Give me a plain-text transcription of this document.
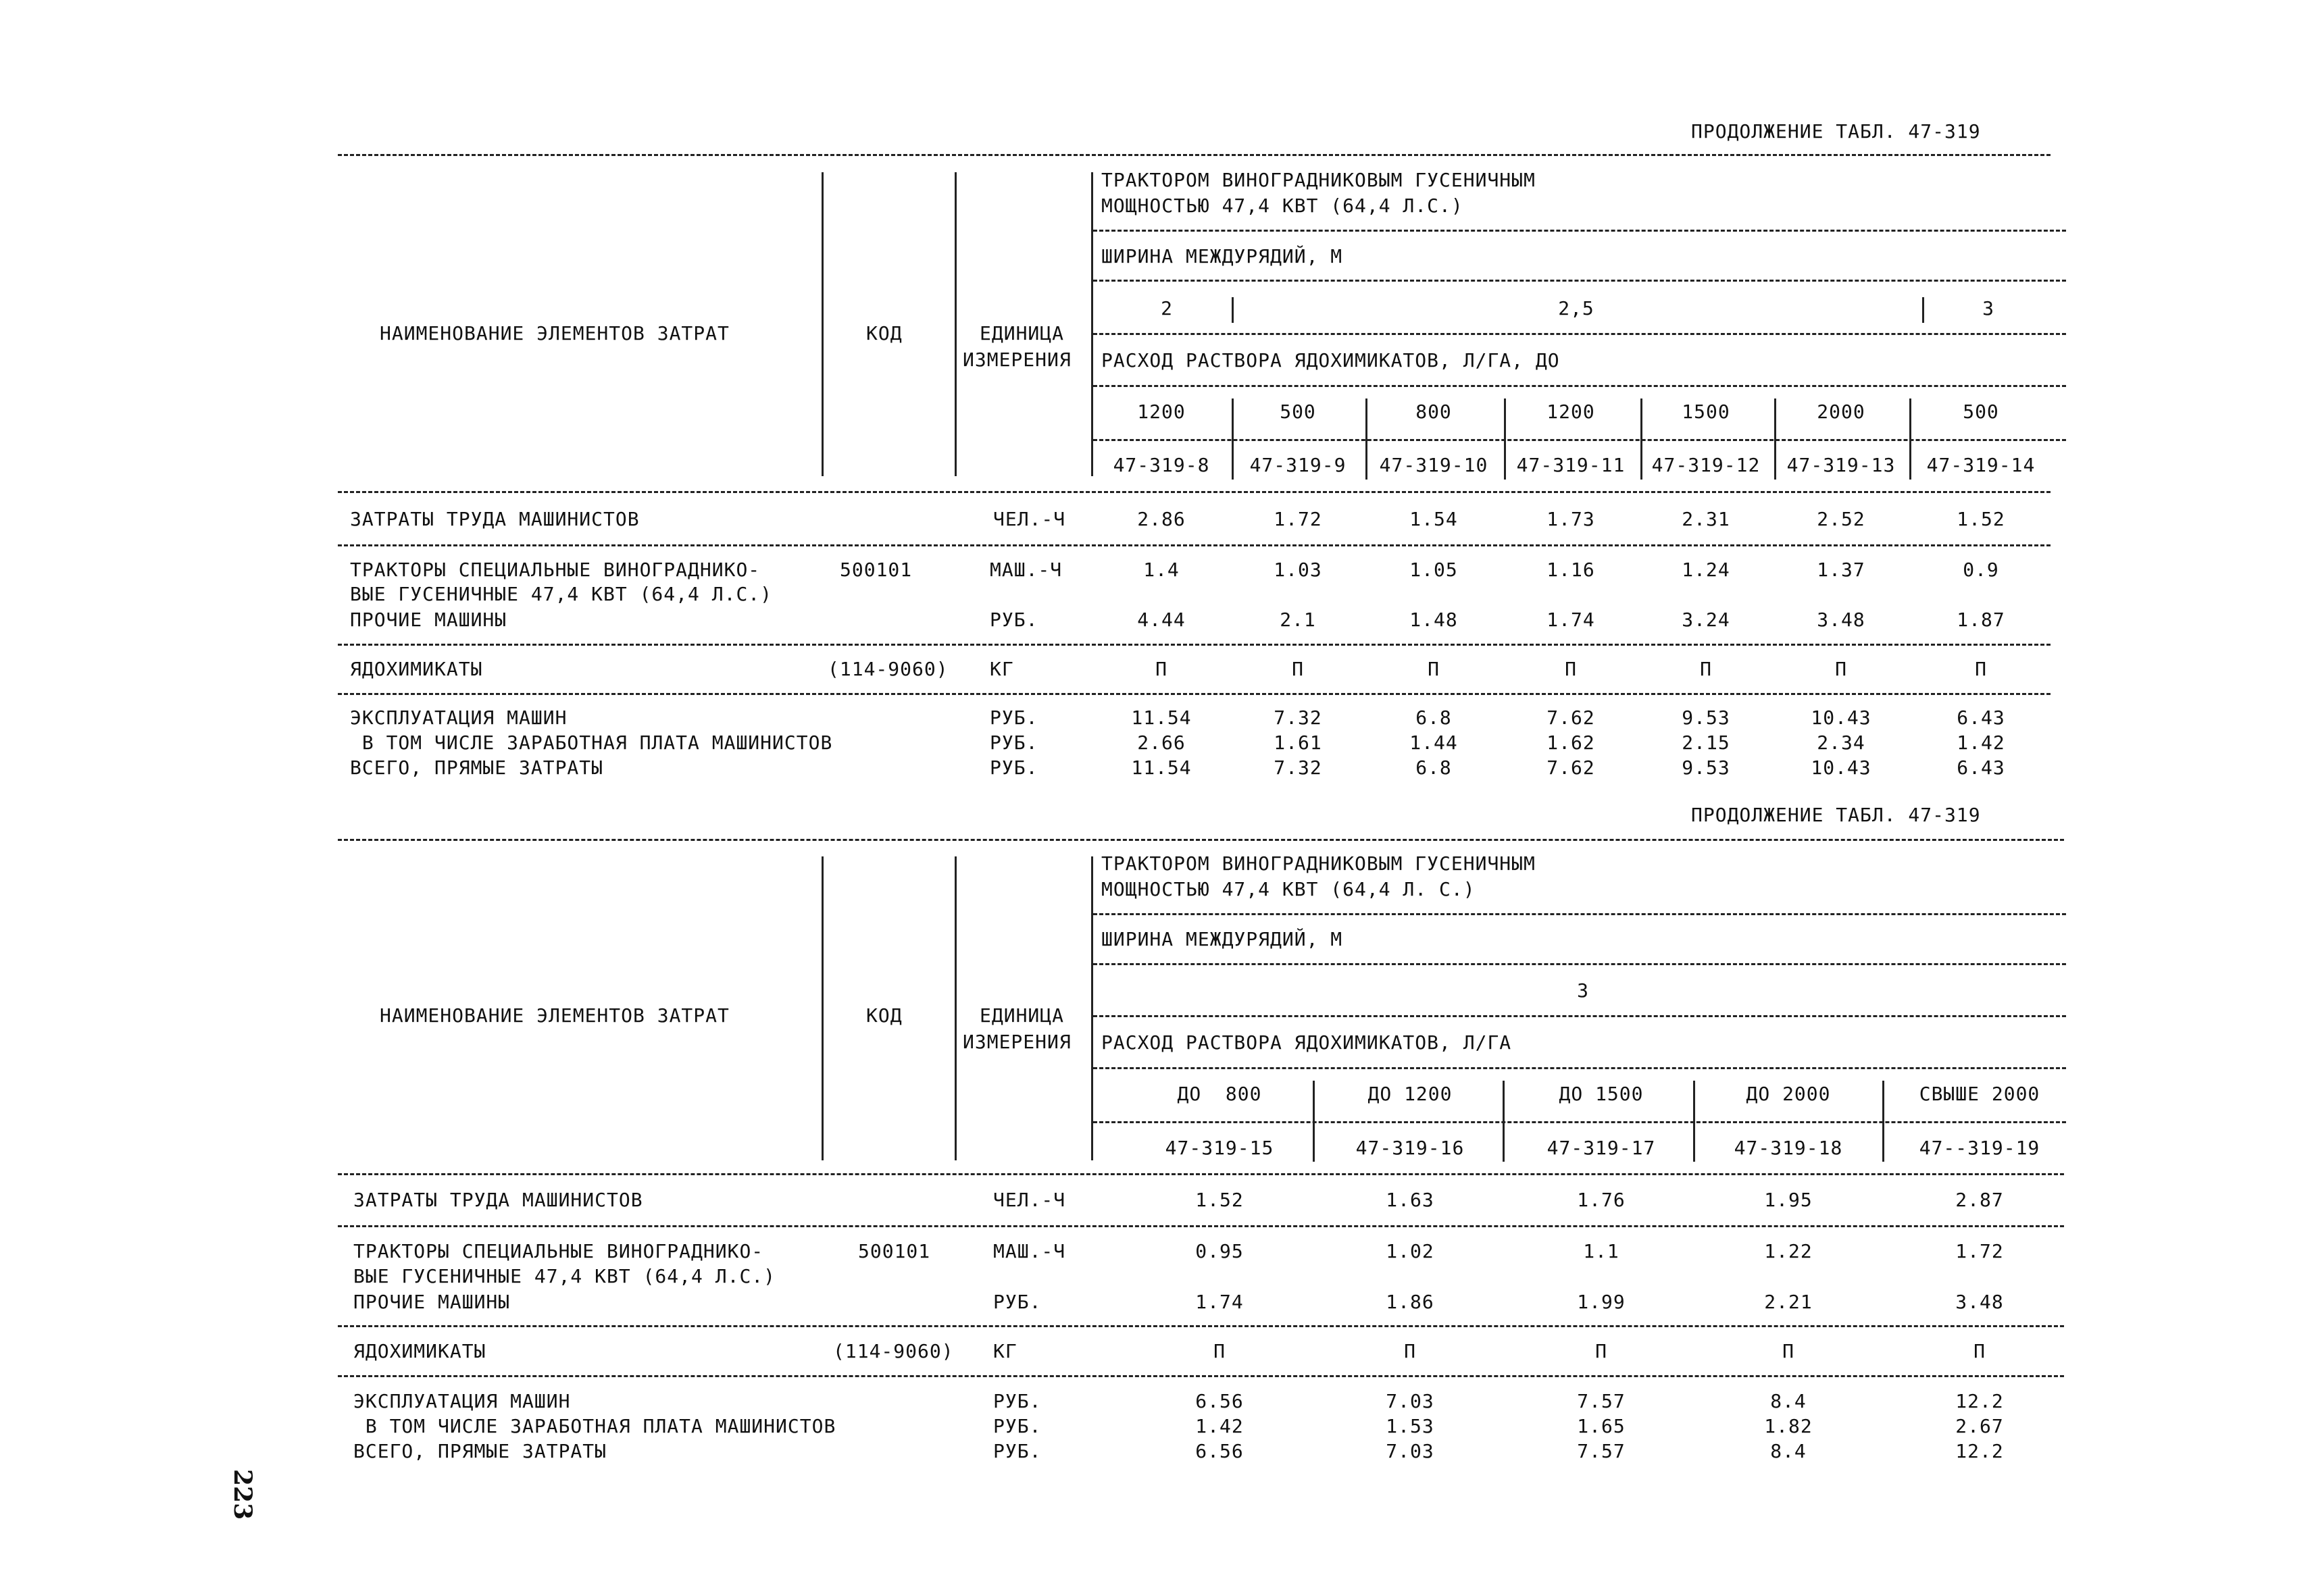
ПРОДОЛЖЕНИЕ ТАБЛ. 47-319
НАИМЕНОВАНИЕ ЭЛЕМЕНТОВ ЗАТРАТ	КОД	ЕДИНИЦА
ИЗМЕРЕНИЯ
ТРАКТОРОМ ВИНОГРАДНИКОВЫМ ГУСЕНИЧНЫМ
МОЩНОСТЬЮ 47,4 КВТ (64,4 Л.С.)
ШИРИНА МЕЖДУРЯДИЙ, М
2	2,5	3
РАСХОД РАСТВОРА ЯДОХИМИКАТОВ, Л/ГА, ДО
1200	500	800	1200	1500	2000	500
47-319-8 47-319-9 47-319-10 47-319-11 47-319-12 47-319-13 47-319-14
ЗАТРАТЫ ТРУДА МАШИНИСТОВ	ЧЕЛ.-Ч	2.86	1.72	1.54	1.73	2.31	2.52	1.52
ТРАКТОРЫ СПЕЦИАЛЬНЫЕ ВИНОГРАДНИКО-
ВЫЕ ГУСЕНИЧНЫЕ 47,4 КВТ (64,4 Л.С.)
500101	МАШ.-Ч	1.4	1.03	1.05	1.16	1.24	1.37	0.9
ПРОЧИЕ МАШИНЫ	РУБ.	4.44	2.1	1.48	1.74	3.24	3.48	1.87
ЯДОХИМИКАТЫ	(114-9060) КГ	П	П	П	П	П	П	П
ЭКСПЛУАТАЦИЯ МАШИН	РУБ.	11.54	7.32	6.8	7.62	9.53	10.43	6.43
В ТОМ ЧИСЛЕ ЗАРАБОТНАЯ ПЛАТА МАШИНИСТОВ	РУБ.	2.66	1.61	1.44	1.62	2.15	2.34	1.42
ВСЕГО, ПРЯМЫЕ ЗАТРАТЫ	РУБ.	11.54	7.32	6.8	7.62	9.53	10.43	6.43
ПРОДОЛЖЕНИЕ ТАБЛ. 47-319
НАИМЕНОВАНИЕ ЭЛЕМЕНТОВ ЗАТРАТ	КОД	ЕДИНИЦА
ИЗМЕРЕНИЯ
ТРАКТОРОМ ВИНОГРАДНИКОВЫМ ГУСЕНИЧНЫМ
МОЩНОСТЬЮ 47,4 КВТ (64,4 Л. С.)
ШИРИНА МЕЖДУРЯДИЙ, М
3
РАСХОД РАСТВОРА ЯДОХИМИКАТОВ, Л/ГА
ДО  800	ДО 1200	ДО 1500	ДО 2000	СВЫШЕ 2000
47-319-15	47-319-16	47-319-17	47-319-18	47--319-19
ЗАТРАТЫ ТРУДА МАШИНИСТОВ	ЧЕЛ.-Ч	1.52	1.63	1.76	1.95	2.87
ТРАКТОРЫ СПЕЦИАЛЬНЫЕ ВИНОГРАДНИКО-
ВЫЕ ГУСЕНИЧНЫЕ 47,4 КВТ (64,4 Л.С.)
500101	МАШ.-Ч	0.95	1.02	1.1	1.22	1.72
ПРОЧИЕ МАШИНЫ	РУБ.	1.74	1.86	1.99	2.21	3.48
ЯДОХИМИКАТЫ	(114-9060) КГ	П	П	П	П	П
ЭКСПЛУАТАЦИЯ МАШИН	РУБ.	6.56	7.03	7.57	8.4	12.2
В ТОМ ЧИСЛЕ ЗАРАБОТНАЯ ПЛАТА МАШИНИСТОВ	РУБ.	1.42	1.53	1.65	1.82	2.67
ВСЕГО, ПРЯМЫЕ ЗАТРАТЫ	РУБ.	6.56	7.03	7.57	8.4	12.2
223
